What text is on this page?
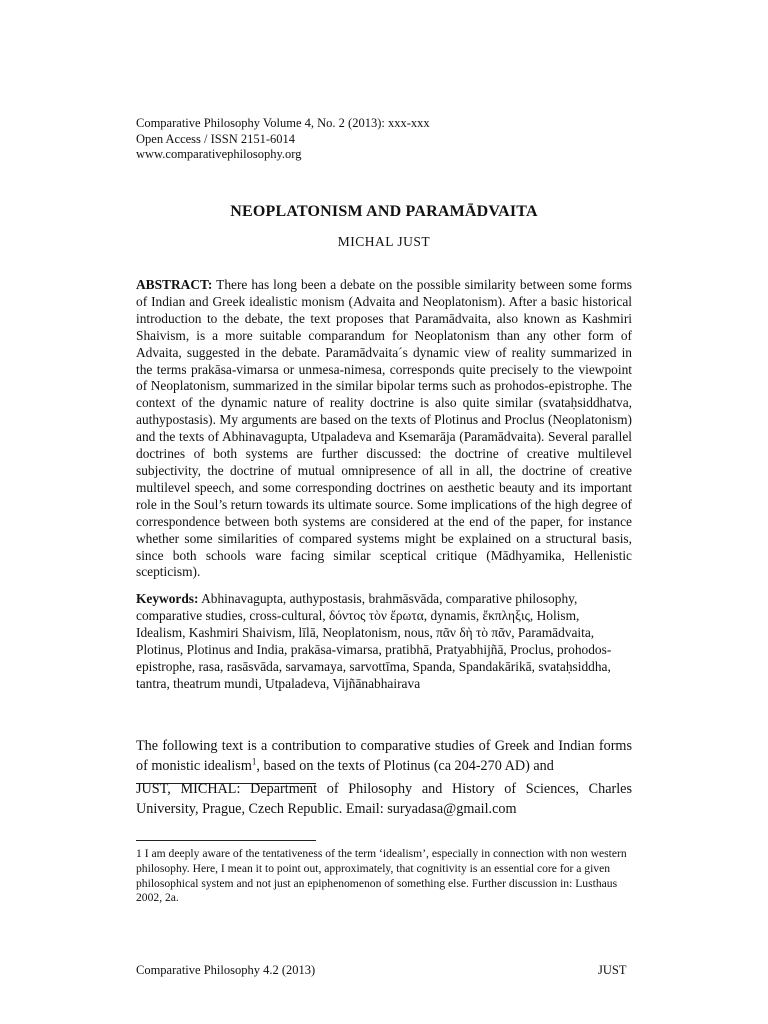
Comparative Philosophy Volume 4, No. 2 (2013): xxx-xxx
Open Access / ISSN 2151-6014
www.comparativephilosophy.org
NEOPLATONISM AND PARAMĀDVAITA
MICHAL JUST
ABSTRACT: There has long been a debate on the possible similarity between some forms of Indian and Greek idealistic monism (Advaita and Neoplatonism). After a basic historical introduction to the debate, the text proposes that Paramādvaita, also known as Kashmiri Shaivism, is a more suitable comparandum for Neoplatonism than any other form of Advaita, suggested in the debate. Paramādvaita´s dynamic view of reality summarized in the terms prakāsa-vimarsa or unmesa-nimesa, corresponds quite precisely to the viewpoint of Neoplatonism, summarized in the similar bipolar terms such as prohodos-epistrophe. The context of the dynamic nature of reality doctrine is also quite similar (svataḥsiddhatva, authypostasis). My arguments are based on the texts of Plotinus and Proclus (Neoplatonism) and the texts of Abhinavagupta, Utpaladeva and Ksemarāja (Paramādvaita). Several parallel doctrines of both systems are further discussed: the doctrine of creative multilevel subjectivity, the doctrine of mutual omnipresence of all in all, the doctrine of creative multilevel speech, and some corresponding doctrines on aesthetic beauty and its important role in the Soul’s return towards its ultimate source. Some implications of the high degree of correspondence between both systems are considered at the end of the paper, for instance whether some similarities of compared systems might be explained on a structural basis, since both schools ware facing similar sceptical critique (Mādhyamika, Hellenistic scepticism).
Keywords: Abhinavagupta, authypostasis, brahmāsvāda, comparative philosophy, comparative studies, cross-cultural, δόντος τὸν ἔρωτα, dynamis, ἔκπληξις, Holism, Idealism, Kashmiri Shaivism, līlā, Neoplatonism, nous, πᾶν δὴ τὸ πᾶν, Paramādvaita, Plotinus, Plotinus and India, prakāsa-vimarsa, pratibhā, Pratyabhijñā, Proclus, prohodos-epistrophe, rasa, rasāsvāda, sarvamaya, sarvottīma, Spanda, Spandakārikā, svataḥsiddha, tantra, theatrum mundi, Utpaladeva, Vijñānabhairava
The following text is a contribution to comparative studies of Greek and Indian forms of monistic idealism$^1$, based on the texts of Plotinus (ca 204-270 AD) and
JUST, MICHAL: Department of Philosophy and History of Sciences, Charles University, Prague, Czech Republic. Email: suryadasa@gmail.com
1 I am deeply aware of the tentativeness of the term ‘idealism’, especially in connection with non western philosophy. Here, I mean it to point out, approximately, that cognitivity is an essential core for a given philosophical system and not just an epiphenomenon of something else. Further discussion in: Lusthaus 2002, 2a.
Comparative Philosophy 4.2 (2013)	JUST
